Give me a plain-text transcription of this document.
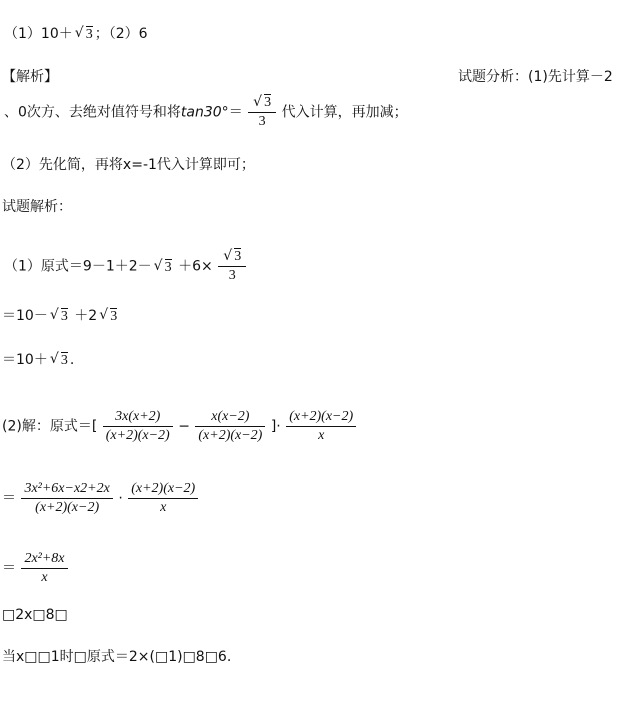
（1）10＋ √ 3 ；（2）6
【解析】	试题分析：(1)先计算－2
、0次方、去绝对值符号和将tan30°＝ √ $\frac{3}{3}$ 代入计算，再加减；
（2）先化简，再将x=-1代入计算即可；
试题解析：
（1）原式＝9－1＋2－ √ 3 ＋6× √ $\frac{3}{3}$
＝10－ √ 3 ＋2 √ 3
＝10＋ √ 3 .
(2)解：原式＝[ $\frac{3x(x+2)}{(x+2)(x-2)} - \frac{x(x-2)}{(x+2)(x-2)}$ ]· $\frac{(x+2)(x-2)}{x}$
＝ $\frac{\text{3x²+6x−x2+2x}}{(x+2)(x-2)} \cdot \frac{(x+2)(x-2)}{x}$
＝ $\frac{\text{2x²+8x}}{x}$
□2x□8□
当x□□1时□原式＝2×(□1)□8□6.
